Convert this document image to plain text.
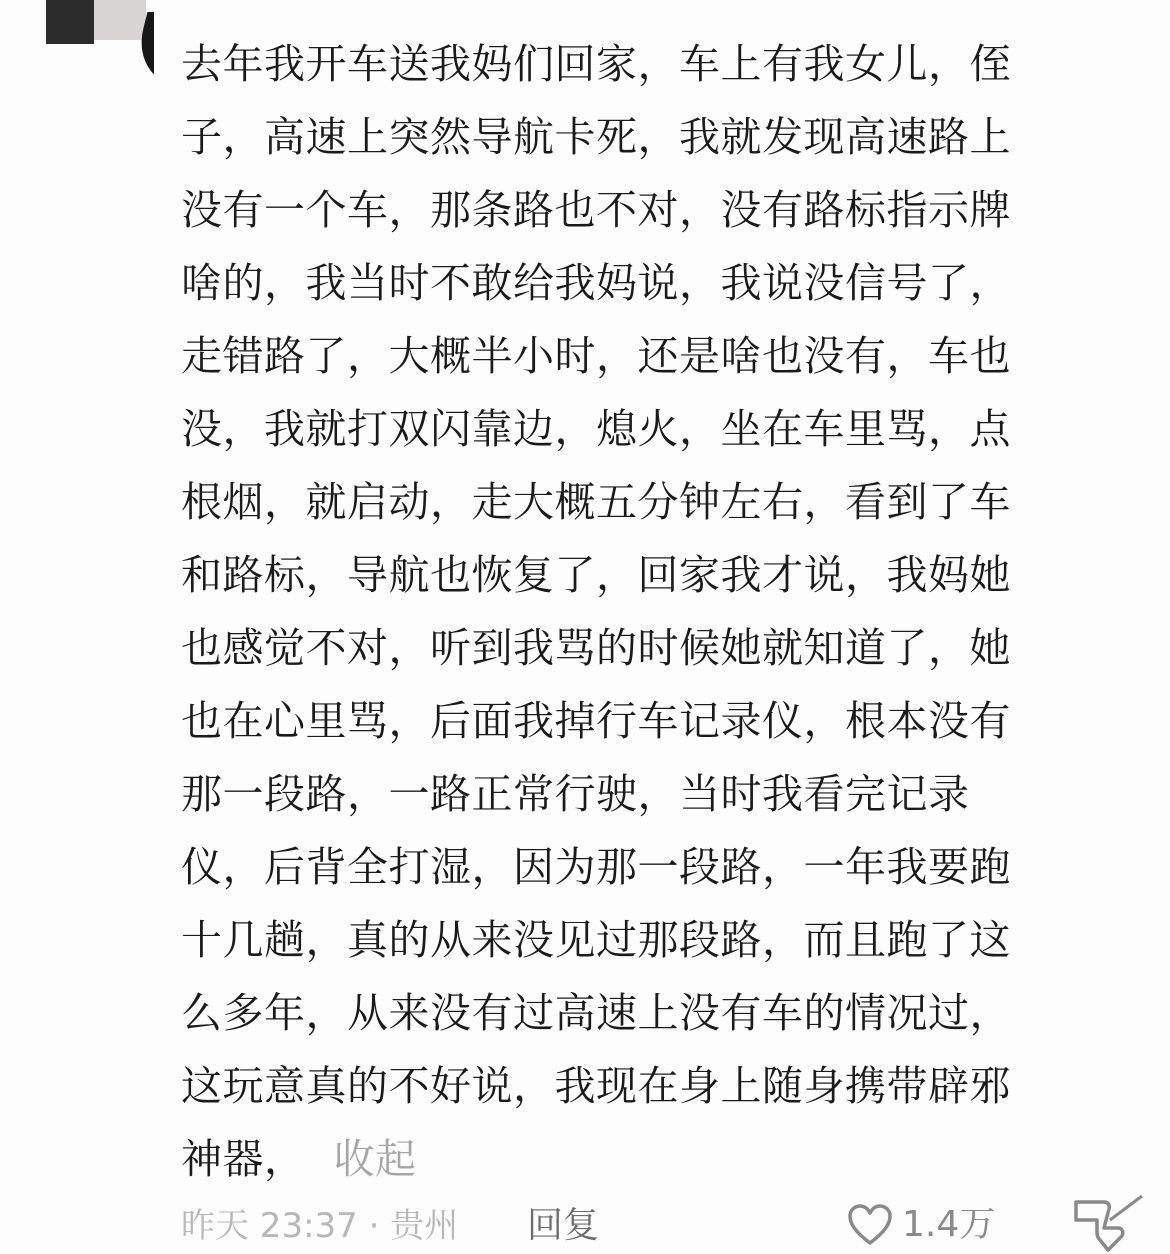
去年我开车送我妈们回家，车上有我女儿，侄
子，高速上突然导航卡死，我就发现高速路上
没有一个车，那条路也不对，没有路标指示牌
啥的，我当时不敢给我妈说，我说没信号了，
走错路了，大概半小时，还是啥也没有，车也
没，我就打双闪靠边，熄火，坐在车里骂，点
根烟，就启动，走大概五分钟左右，看到了车
和路标，导航也恢复了，回家我才说，我妈她
也感觉不对，听到我骂的时候她就知道了，她
也在心里骂，后面我掉行车记录仪，根本没有
那一段路，一路正常行驶，当时我看完记录
仪，后背全打湿，因为那一段路，一年我要跑
十几趟，真的从来没见过那段路，而且跑了这
么多年，从来没有过高速上没有车的情况过，
这玩意真的不好说，我现在身上随身携带辟邪
神器， 收起
昨天 23:37 · 贵州 回复	1.4万
